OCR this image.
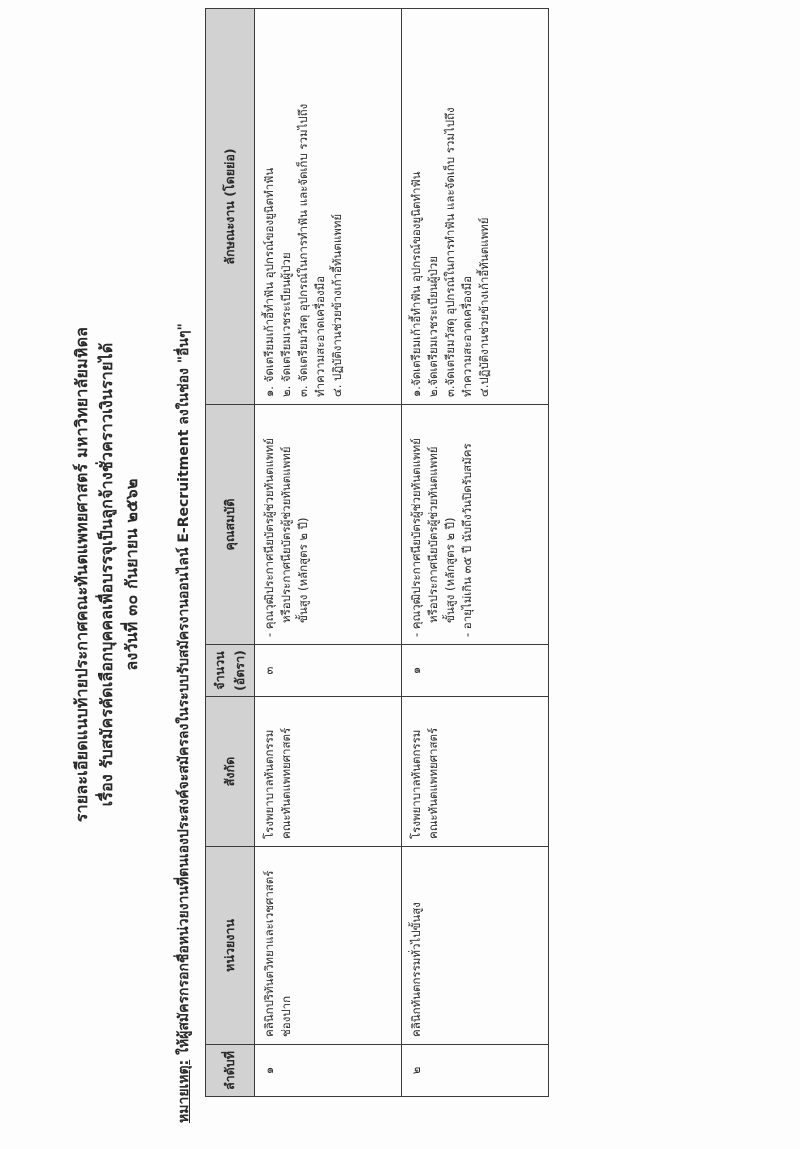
รายละเอียดแนบท้ายประกาศคณะทันตแพทยศาสตร์ มหาวิทยาลัยมหิดล เรื่อง รับสมัครคัดเลือกบุคคลเพื่อบรรจุเป็นลูกจ้างชั่วคราวเงินรายได้ ลงวันที่ ๓๐ กันยายน ๒๕๖๒
หมายเหตุ: ให้ผู้สมัครกรอกชื่อหน่วยงานที่ตนเองประสงค์จะสมัครลงในระบบรับสมัครงานออนไลน์ E-Recruitment ลงในช่อง "อื่นๆ"
ลำดับที่	หน่วยงาน	สังกัด	จำนวน (อัตรา)	คุณสมบัติ	ลักษณะงาน (โดยย่อ)
๑	คลินิกปริทันตวิทยาและเวชศาสตร์ ช่องปาก	โรงพยาบาลทันตกรรม คณะทันตแพทยศาสตร์	๓	- คุณวุฒิประกาศนียบัตรผู้ช่วยทันตแพทย์ หรือประกาศนียบัตรผู้ช่วยทันตแพทย์ ขั้นสูง (หลักสูตร ๒ ปี)	๑. จัดเตรียมเก้าอี้ทำฟัน อุปกรณ์ของยูนิตทำฟัน ๒. จัดเตรียมเวชระเบียนผู้ป่วย ๓. จัดเตรียมวัสดุ อุปกรณ์ในการทำฟัน และจัดเก็บ รวมไปถึง ทำความสะอาดเครื่องมือ ๔. ปฏิบัติงานช่วยข้างเก้าอี้ทันตแพทย์

๒	คลินิกทันตกรรมทั่วไปขั้นสูง	โรงพยาบาลทันตกรรม คณะทันตแพทยศาสตร์	๑	- คุณวุฒิประกาศนียบัตรผู้ช่วยทันตแพทย์ หรือประกาศนียบัตรผู้ช่วยทันตแพทย์ ขั้นสูง (หลักสูตร ๒ ปี) - อายุไม่เกิน ๓๕ ปี นับถึงวันปิดรับสมัคร	๑.จัดเตรียมเก้าอี้ทำฟัน อุปกรณ์ของยูนิตทำฟัน ๒.จัดเตรียมเวชระเบียนผู้ป่วย ๓.จัดเตรียมวัสดุ อุปกรณ์ในการทำฟัน และจัดเก็บ รวมไปถึง ทำความสะอาดเครื่องมือ ๔.ปฏิบัติงานช่วยข้างเก้าอี้ทันตแพทย์
